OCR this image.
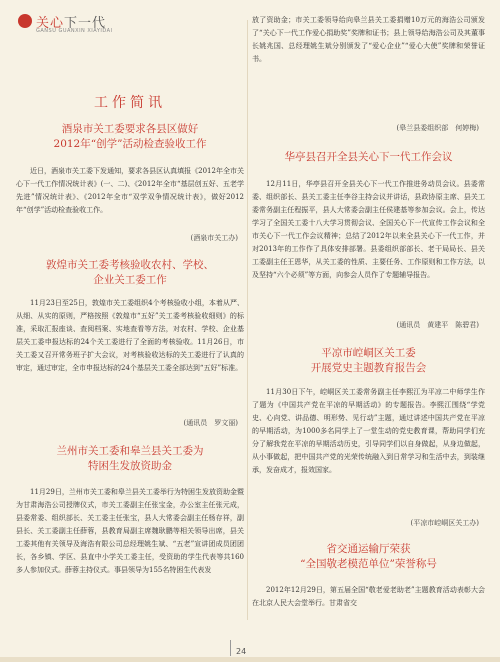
关心下一代
GANSU GUANXIN XIAYIDAI
工作简讯
酒泉市关工委要求各县区做好
2012年“创学”活动检查验收工作

近日，酒泉市关工委下发通知，要求各县区认真填报《2012年全市关心下一代工作情况统计表》(一、二)、《2012年全市“基层创五好、五老学先进”情况统计表》、《2012年全市“双学双争情况统计表》，做好2012年“创学”活动检查验收工作。

(酒泉市关工办)
敦煌市关工委考核验收农村、学校、
企业关工委工作

11月23日至25日，敦煌市关工委组织4个考核验收小组，本着从严、从细、从实的原则，严格按照《敦煌市“五好”关工委考核验收细则》的标准，采取汇报座谈、查阅档案、实地查看等方法，对农村、学校、企业基层关工委申报达标的24个关工委进行了全面的考核验收。11月26日，市关工委又召开常务班子扩大会议，对考核验收达标的关工委进行了认真的审定，通过审定，全市申报达标的24个基层关工委全部达到“五好”标准。

(通讯员　罗文丽)
兰州市关工委和皋兰县关工委为
特困生发放资助金

11月29日，兰州市关工委和皋兰县关工委举行为特困生发放资助金暨为甘肃海浩公司授牌仪式，市关工委副主任张宝金，办公室主任张元成，县委常委、组织部长、关工委主任张宝，县人大常委会副主任杨存祥，副县长、关工委副主任薛蓉，县教育局副主席魏耿鹏等相关领导出席，县关工委其他有关领导及海浩有限公司总经理姚生斌、“五老”宣讲团成员团团长，各乡镇、学区、县直中小学关工委主任，受资助的学生代表等共160多人参加仪式。薛蓉主持仪式。事县领导为155名特困生代表发

放了资助金；市关工委领导给向皋兰县关工委捐赠10万元的海浩公司颁发了“关心下一代工作爱心捐助奖”奖牌和证书；县上领导给海浩公司及其董事长姚兆国、总经理姚生斌分别颁发了“爱心企业”“爱心大使”奖牌和荣誉证书。

(皋兰县委组织部　何婷梅)
华亭县召开全县关心下一代工作会议

12月11日，华亭县召开全县关心下一代工作推进务动员会议。县委常委、组织部长、县关工委主任李谷主持会议并讲话，县政协原主席、县关工委常务副主任程振平，县人大常委会副主任侯建基等参加会议。会上，传达学习了全国关工委十八大学习贯彻会议、全国关心下一代宣传工作会议和全市关心下一代工作会议精神；总结了2012年以来全县关心下一代工作，并对2013年的工作作了具体安排部署。县委组织部部长、老干局局长、县关工委副主任王恩华，从关工委的性质、主要任务、工作原则和工作方法，以及坚持“六个必须”等方面，向参会人员作了专题辅导报告。

(通讯员　黄建平　陈碧君)
平凉市崆峒区关工委
开展党史主题教育报告会

11月30日下午，崆峒区关工委常务副主任李熙江为平凉二中师学生作了题为《中国共产党在平凉的早期活动》的专题报告。李熙江围绕“学党史、心向党、讲品德、明形势、见行动”主题，通过讲述中国共产党在平凉的早期活动，为1000多名同学上了一堂生动的党史教育课，帮助同学们充分了解我党在平凉的早期活动历史，引导同学们以自身做起，从身边做起，从小事做起，把中国共产党的光荣传统融入到日常学习和生活中去，到装继承，发奋成才，报效国家。

(平凉市崆峒区关工办)
省交通运输厅荣获
“全国敬老模范单位”荣誉称号

2012年12月29日，第五届全国“敬老爱老助老”主题教育活动表彰大会在北京人民大会堂举行。甘肃省交

24
